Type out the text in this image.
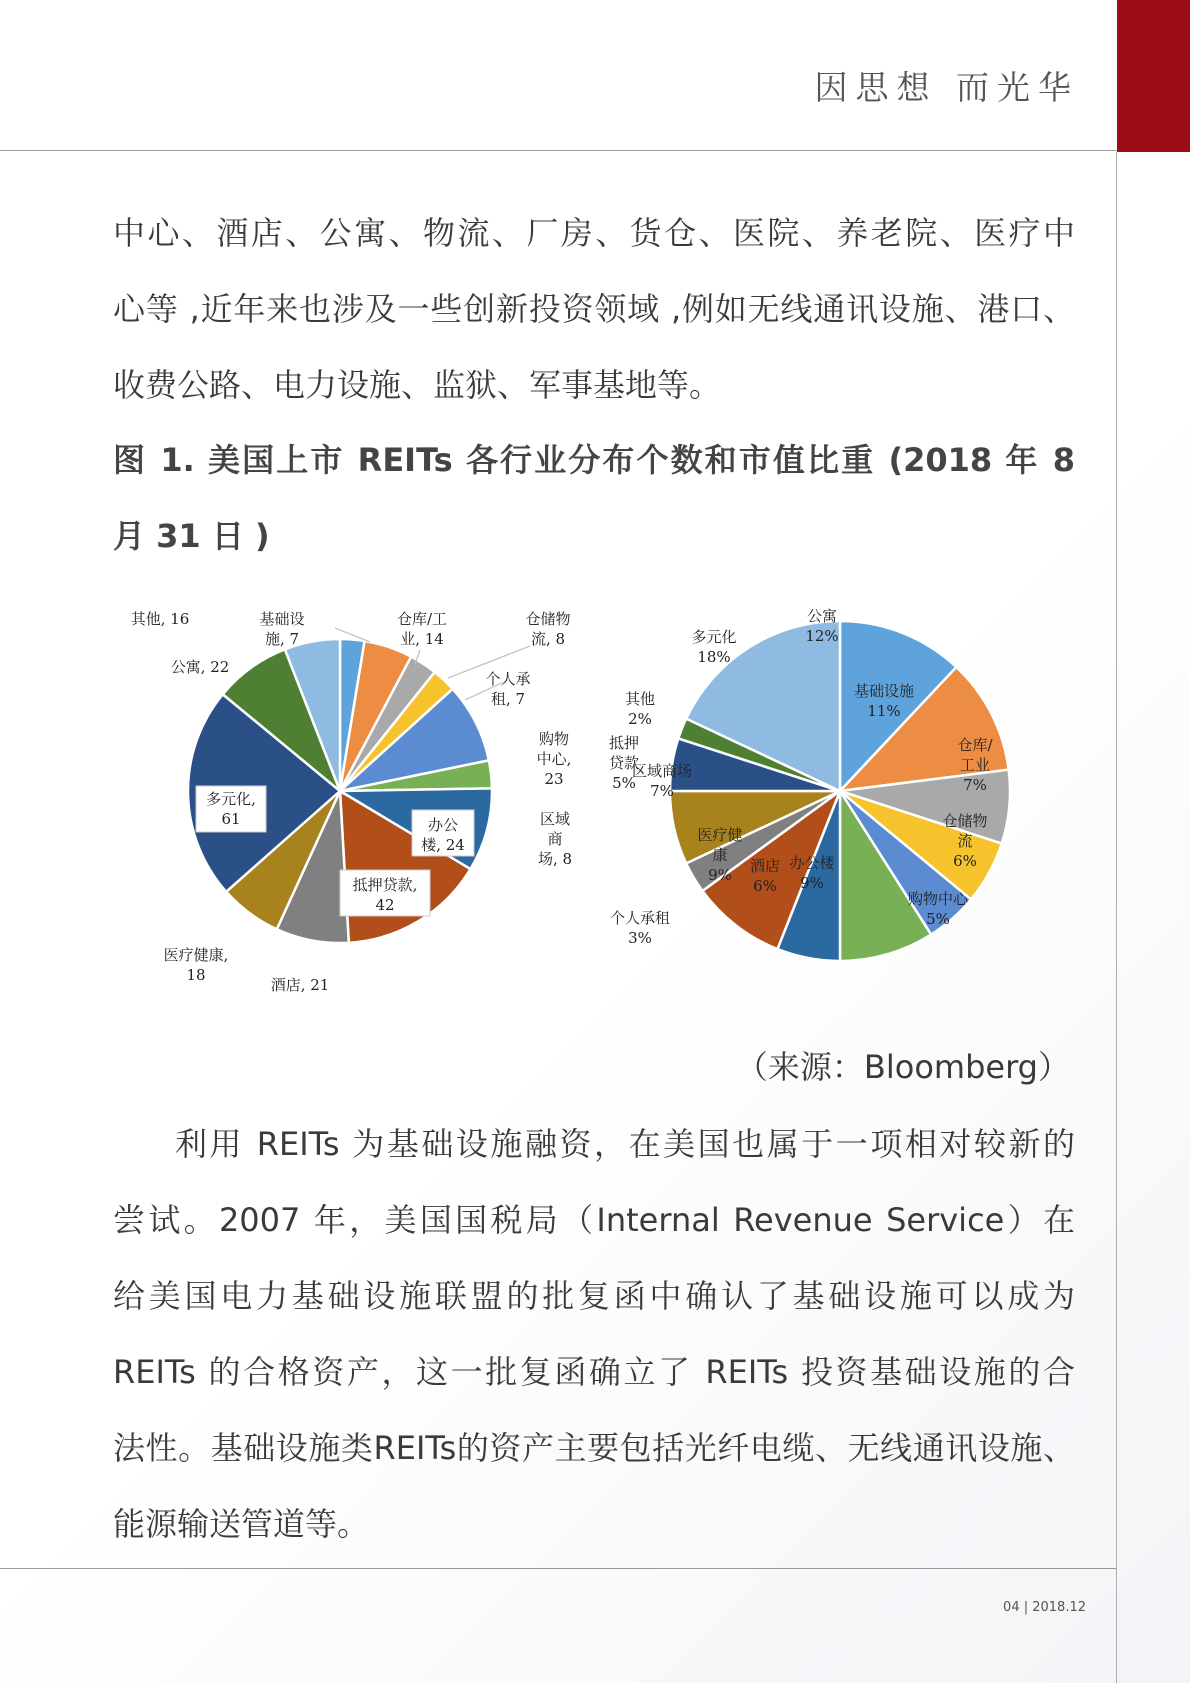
因思想 而光华
中心、酒店、公寓、物流、厂房、货仓、医院、养老院、医疗中
心等 ,近年来也涉及一些创新投资领域 ,例如无线通讯设施、港口、
收费公路、电力设施、监狱、军事基地等。
图 1. 美国上市 REITs 各行业分布个数和市值比重 (2018 年 8
月 31 日 )
基础设
施, 7
仓库/工
业, 14
仓储物
流, 8
个人承
租, 7
购物
中心,
23
区域
商
场, 8
办公
楼, 24
抵押贷款,
42
酒店, 21
医疗健康,
18
多元化,
61
公寓, 22
其他, 16	公寓
12%
基础设施
11%
仓库/
工业
7%
仓储物
流
6%
购物中心
5%
办公楼
9%
酒店
6%
医疗健
康
9%
个人承租
3%
区域商场
7%
抵押
贷款
5%
其他
2%
多元化
18%
（来源：Bloomberg）
利用 REITs 为基础设施融资，在美国也属于一项相对较新的
尝试。2007 年，美国国税局（Internal Revenue Service）在
给美国电力基础设施联盟的批复函中确认了基础设施可以成为
REITs 的合格资产，这一批复函确立了 REITs 投资基础设施的合
法性。基础设施类REITs的资产主要包括光纤电缆、无线通讯设施、
能源输送管道等。
04 | 2018.12
